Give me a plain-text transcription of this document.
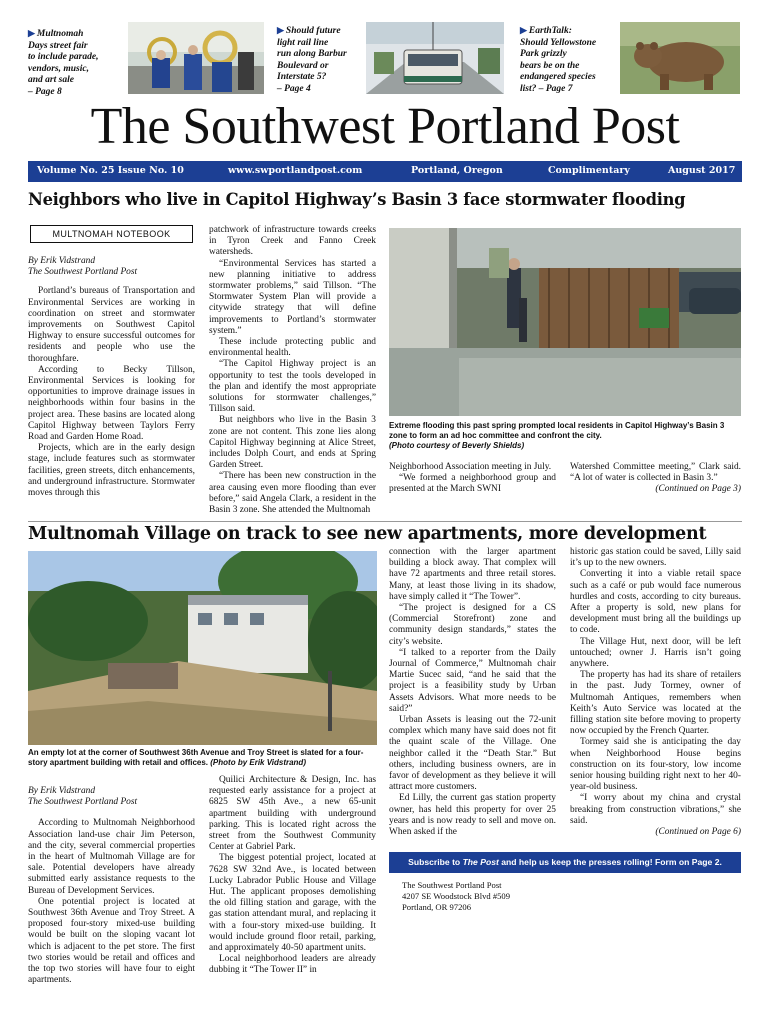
▶ Multnomah
Days street fair
to include parade,
vendors, music,
and art sale
– Page 8
▶ Should future
light rail line
run along Barbur
Boulevard or
Interstate 5?
– Page 4
▶ EarthTalk:
Should Yellowstone
Park grizzly
bears be on the
endangered species
list? – Page 7
The Southwest Portland Post
Volume No. 25 Issue No. 10	www.swportlandpost.com	Portland, Oregon	Complimentary	August 2017
Neighbors who live in Capitol Highway’s Basin 3 face stormwater flooding
MULTNOMAH NOTEBOOK

By Erik Vidstrand

The Southwest Portland Post

Portland’s bureaus of Transportation and Environmental Services are working in coordination on street and stormwater improvements on Southwest Capitol Highway to ensure successful outcomes for residents and people who use the thoroughfare.

According to Becky Tillson, Environmental Services is looking for opportunities to improve drainage issues in neighborhoods within four basins in the project area. These basins are located along Capitol Highway between Taylors Ferry Road and Garden Home Road.

Projects, which are in the early design stage, include features such as stormwater facilities, green streets, ditch enhancements, and underground infrastructure. Stormwater moves through this

patchwork of infrastructure towards creeks in Tyron Creek and Fanno Creek watersheds.

“Environmental Services has started a new planning initiative to address stormwater problems,” said Tillson. “The Stormwater System Plan will provide a citywide strategy that will define improvements to Portland’s stormwater system.”

These include protecting public and environmental health.

“The Capitol Highway project is an opportunity to test the tools developed in the plan and identify the most appropriate solutions for stormwater challenges,” Tillson said.

But neighbors who live in the Basin 3 zone are not content. This zone lies along Capitol Highway beginning at Alice Street, includes Dolph Court, and ends at Spring Garden Street.

“There has been new construction in the area causing even more flooding than ever before,” said Angela Clark, a resident in the Basin 3 zone. She attended the Multnomah

Extreme flooding this past spring prompted local residents in Capitol Highway’s Basin 3 zone to form an ad hoc committee and confront the city.
(Photo courtesy of Beverly Shields)

Neighborhood Association meeting in July.

“We formed a neighborhood group and presented at the March SWNI

Watershed Committee meeting,” Clark said. “A lot of water is collected in Basin 3.”

(Continued on Page 3)

Multnomah Village on track to see new apartments, more development
An empty lot at the corner of Southwest 36th Avenue and Troy Street is slated for a four-story apartment building with retail and offices. (Photo by Erik Vidstrand)

By Erik Vidstrand

The Southwest Portland Post

According to Multnomah Neighborhood Association land-use chair Jim Peterson, and the city, several commercial properties in the heart of Multnomah Village are for sale. Potential developers have already submitted early assistance requests to the Bureau of Development Services.

One potential project is located at Southwest 36th Avenue and Troy Street. A proposed four-story mixed-use building would be built on the sloping vacant lot which is adjacent to the pet store. The first two stories would be retail and offices and the top two stories will have four to eight apartments.

Quilici Architecture & Design, Inc. has requested early assistance for a project at 6825 SW 45th Ave., a new 65-unit apartment building with underground parking. This is located right across the street from the Southwest Community Center at Gabriel Park.

The biggest potential project, located at 7628 SW 32nd Ave., is located between Lucky Labrador Public House and Village Hut. The applicant proposes demolishing the old filling station and garage, with the gas station attendant mural, and replacing it with a four-story mixed-use building. It would include ground floor retail, parking, and approximately 40-50 apartment units.

Local neighborhood leaders are already dubbing it “The Tower II” in

connection with the larger apartment building a block away. That complex will have 72 apartments and three retail stores. Many, at least those living in its shadow, have simply called it “The Tower”.

“The project is designed for a CS (Commercial Storefront) zone and community design standards,” states the city’s website.

“I talked to a reporter from the Daily Journal of Commerce,” Multnomah chair Martie Sucec said, “and he said that the project is a feasibility study by Urban Assets Advisors. What more needs to be said?”

Urban Assets is leasing out the 72-unit complex which many have said does not fit the quaint scale of the Village. One neighbor called it the “Death Star.” But others, including business owners, are in favor of development as they believe it will attract more customers.

Ed Lilly, the current gas station property owner, has held this property for over 25 years and is now ready to sell and move on. When asked if the

historic gas station could be saved, Lilly said it’s up to the new owners.

Converting it into a viable retail space such as a café or pub would face numerous hurdles and costs, according to city bureaus. After a property is sold, new plans for development must bring all the buildings up to code.

The Village Hut, next door, will be left untouched; owner J. Harris isn’t going anywhere.

The property has had its share of retailers in the past. Judy Tormey, owner of Multnomah Antiques, remembers when Keith’s Auto Service was located at the filling station site before moving to property now occupied by the French Quarter.

Tormey said she is anticipating the day when Neighborhood House begins construction on its four-story, low income senior housing building right next to her 40-year-old business.

“I worry about my china and crystal breaking from construction vibrations,” she said.

(Continued on Page 6)

Subscribe to The Post and help us keep the presses rolling! Form on Page 2.
The Southwest Portland Post
4207 SE Woodstock Blvd #509
Portland, OR 97206
